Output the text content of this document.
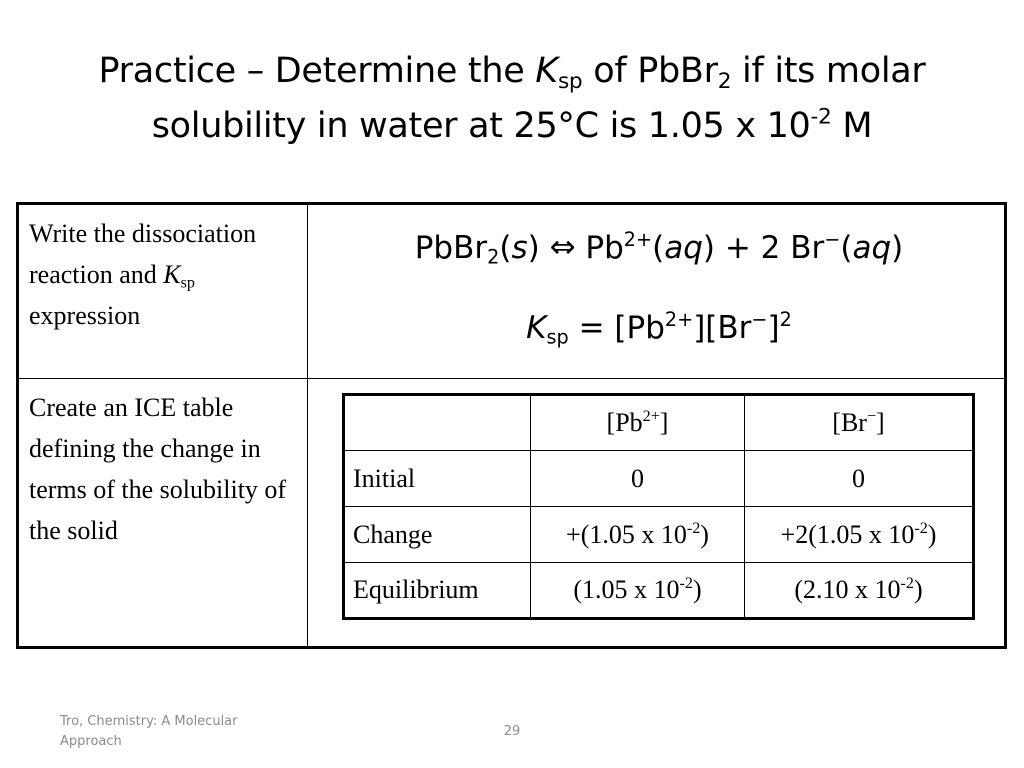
Practice – Determine the $K_{sp}$ of PbBr$_2$ if its molar
solubility in water at 25°C is 1.05 x $10^{-2}$ M
Write the dissociation reaction and $K_{sp}$ expression
PbBr$_2$(s) ⇔ $Pb^{2+}(aq) + 2$ Br−(aq)
$K_{sp} = [Pb^{2+}][Br^-]^2$
Create an ICE table defining the change in terms of the solubility of the solid
	$[Pb^{2+}]$	[Br−]
Initial	0	0
Change	+(1.05 x $10^{-2}$)	+2(1.05 x $10^{-2}$)
Equilibrium	(1.05 x $10^{-2}$)	(2.10 x $10^{-2}$)
Tro, Chemistry: A Molecular Approach
29
